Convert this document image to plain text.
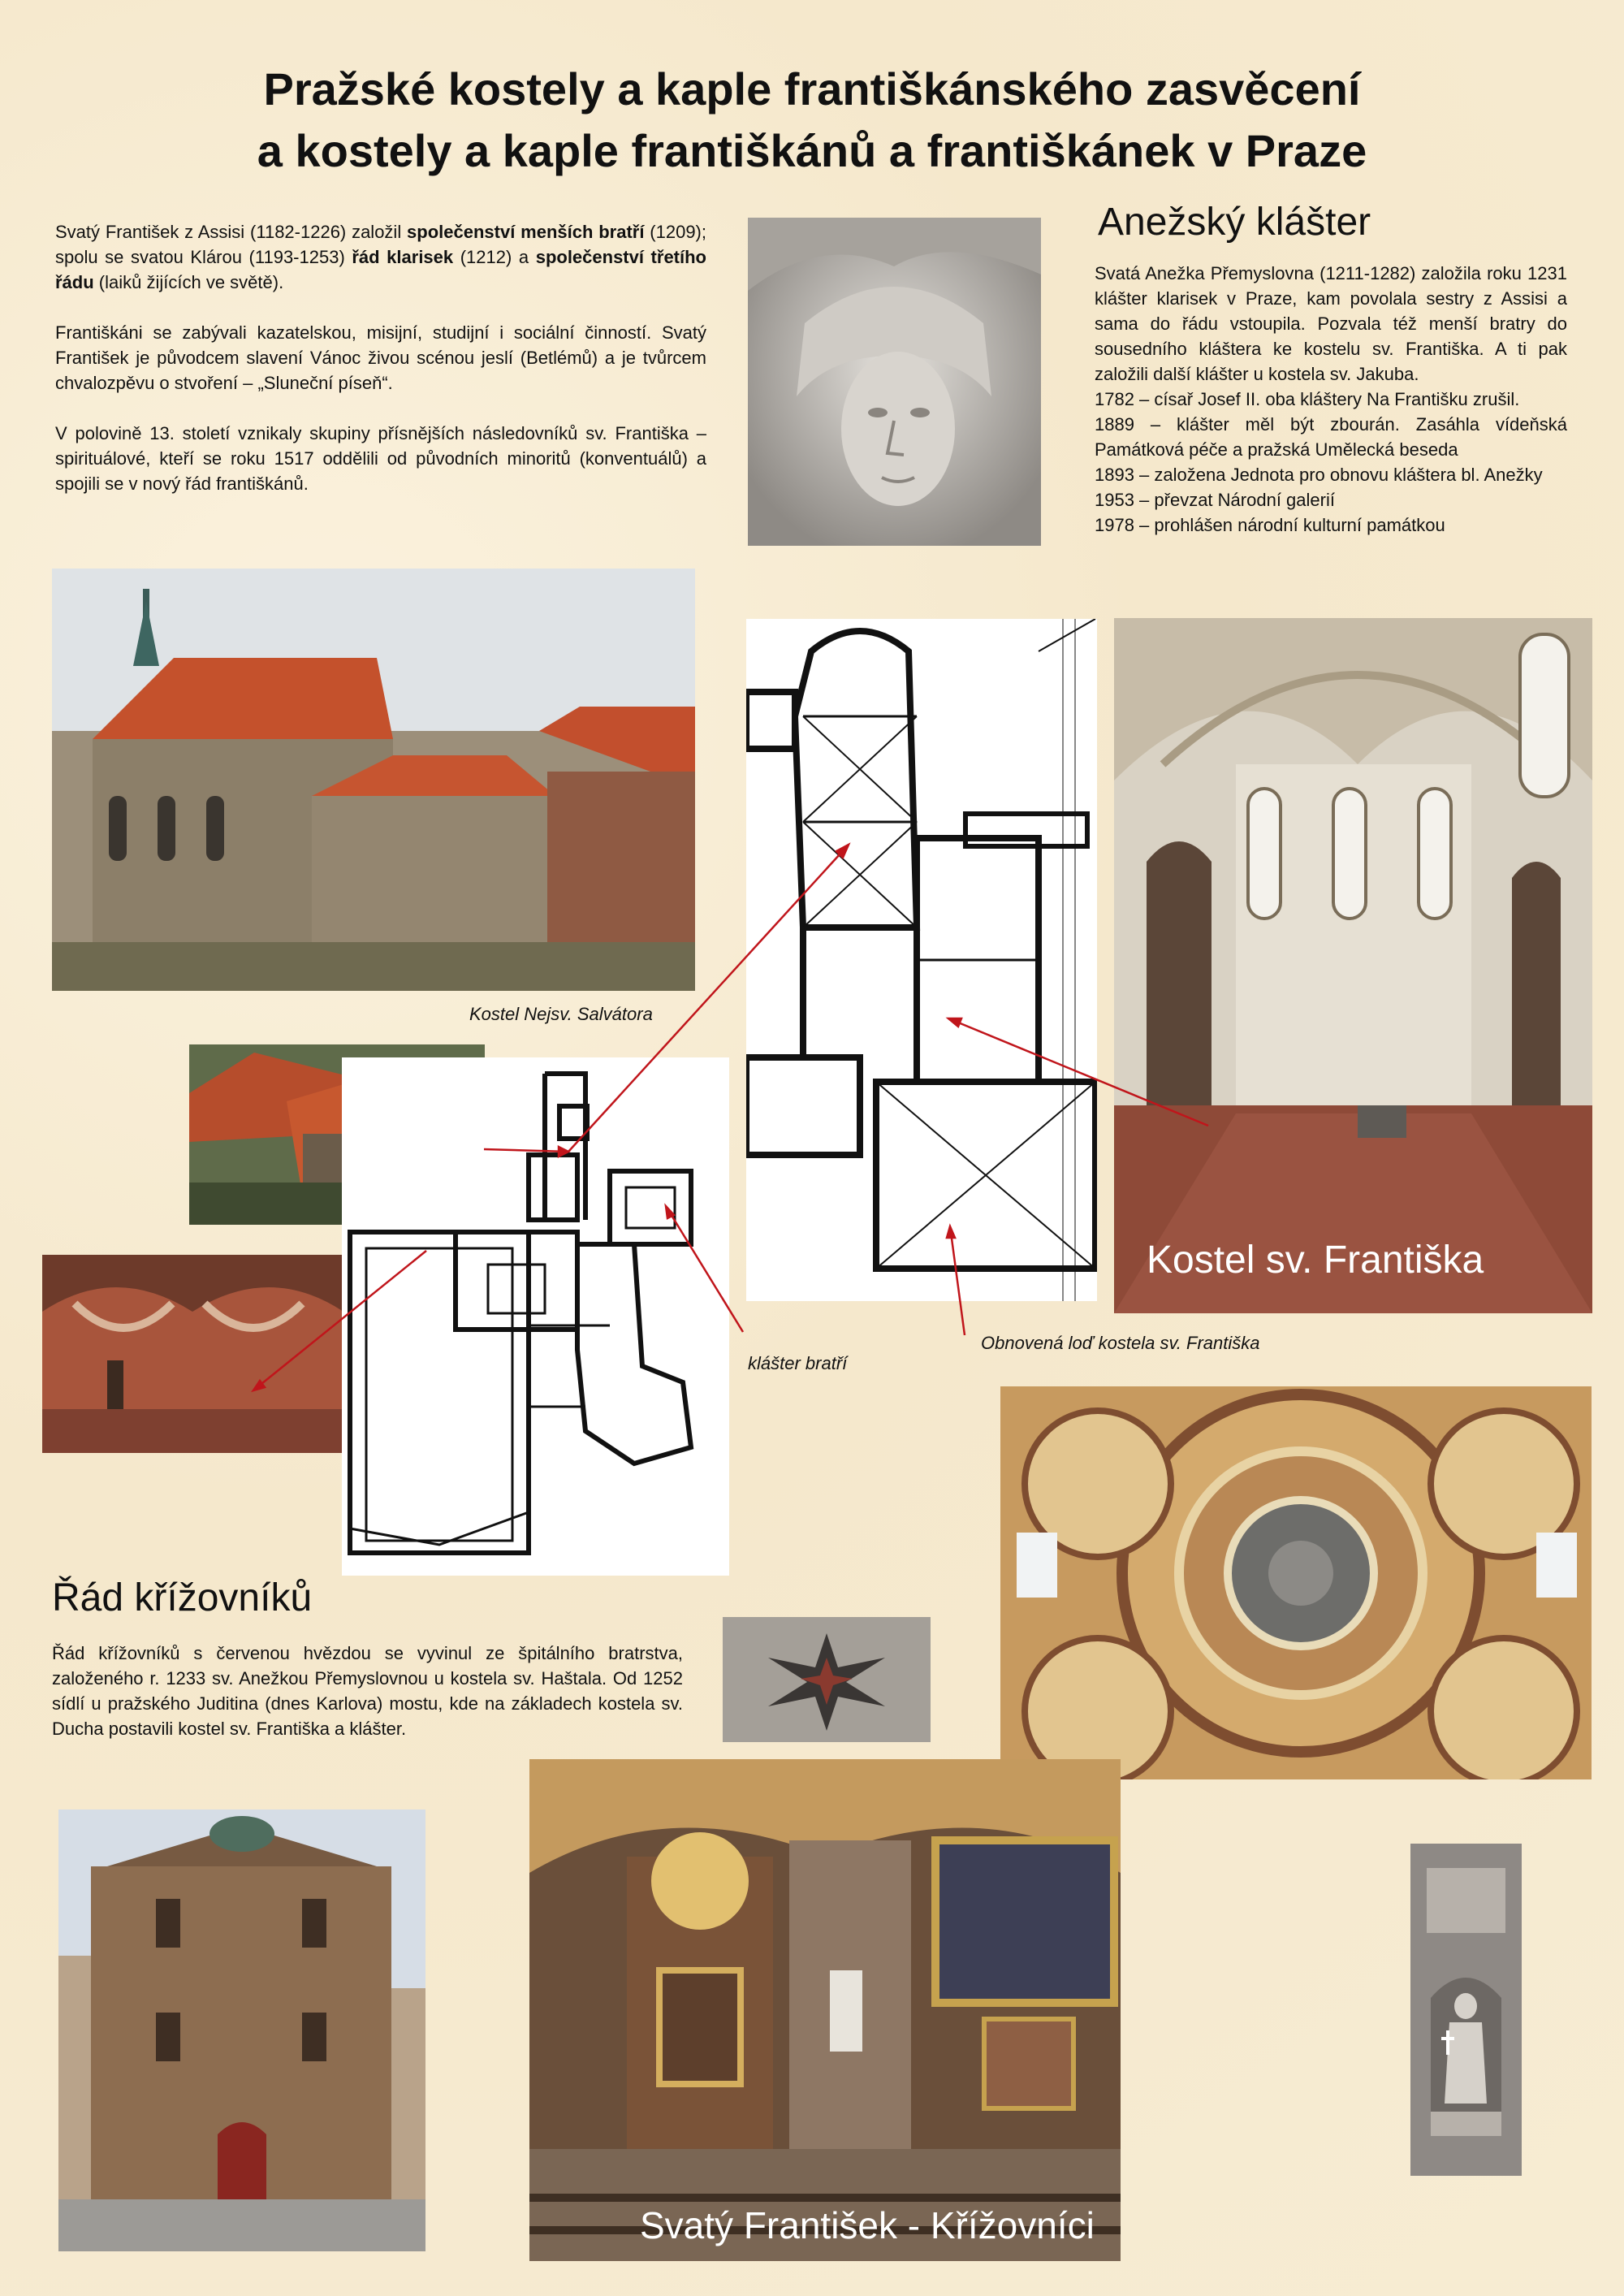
Pražské kostely a kaple františkánského zasvěcení
a kostely a kaple františkánů a františkánek v Praze

Svatý František z Assisi (1182-1226) založil společenství menších bratří (1209); spolu se svatou Klárou (1193-1253) řád klarisek (1212) a společenství třetího řádu (laiků žijících ve světě).

Františkáni se zabývali kazatelskou, misijní, studijní i sociální činností. Svatý František je původcem slavení Vánoc živou scénou jeslí (Betlémů) a je tvůrcem chvalozpěvu o stvoření – „Sluneční píseň“.

V polovině 13. století vznikaly skupiny přísnějších následovníků sv. Františka – spirituálové, kteří se roku 1517 oddělili od původních minoritů (konventuálů) a spojili se v nový řád františkánů.

Anežský klášter
Svatá Anežka Přemyslovna (1211-1282) založila roku 1231 klášter klarisek v Praze, kam povolala sestry z Assisi a sama do řádu vstoupila. Pozvala též menší bratry do sousedního kláštera ke kostelu sv. Františka. A ti pak založili další klášter u kostela sv. Jakuba.
1782 – císař Josef II. oba kláštery Na Františku zrušil.
1889 – klášter měl být zbourán. Zasáhla vídeňská Památková péče a pražská Umělecká beseda
1893 – založena Jednota pro obnovu kláštera bl. Anežky
1953 – převzat Národní galerií
1978 – prohlášen národní kulturní památkou
Kostel Nejsv. Salvátora
Kostel sv. Františka
Obnovená loď kostela sv. Františka
klášter bratří
Řád křížovníků
Řád křížovníků s červenou hvězdou se vyvinul ze špitálního bratrstva, založeného r. 1233 sv. Anežkou Přemyslovnou u kostela sv. Haštala. Od 1252 sídlí u pražského Juditina (dnes Karlova) mostu, kde na základech kostela sv. Ducha postavili kostel sv. Františka a klášter.
Svatý František - Křížovníci
